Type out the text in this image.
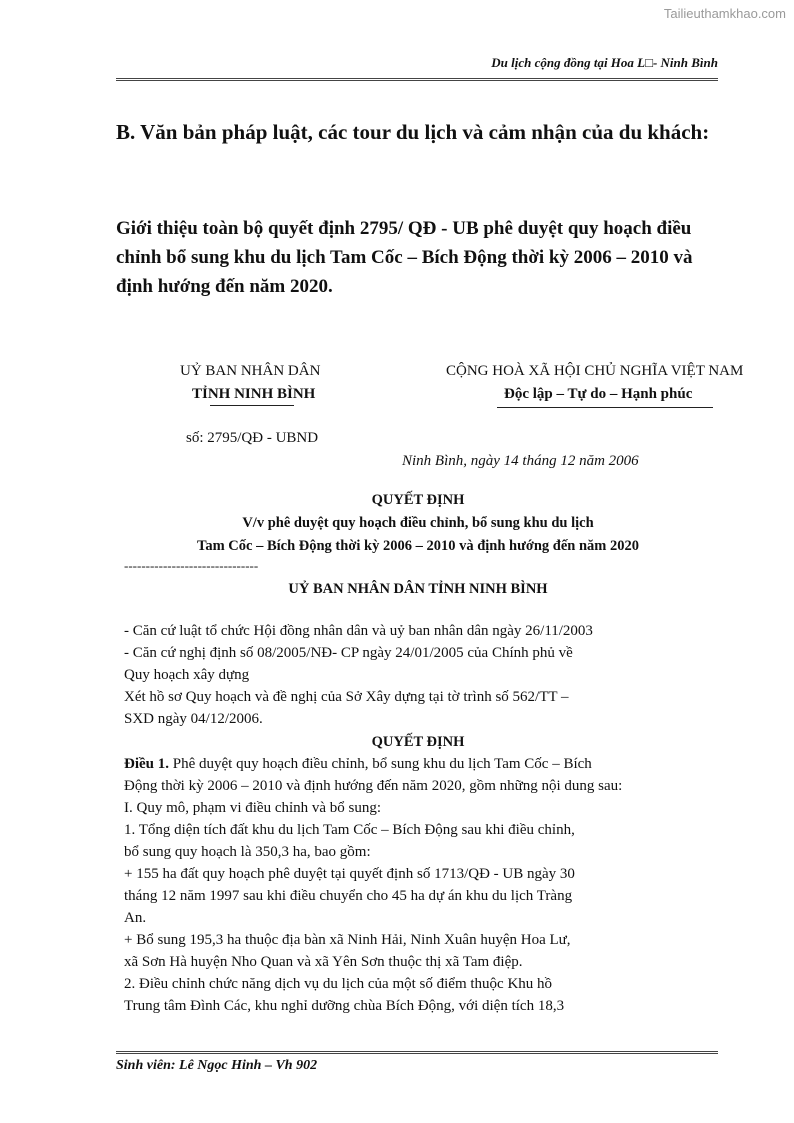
Tailieuthamkhao.com
Du lịch cộng đồng tại Hoa L□- Ninh Bình
B. Văn bản pháp luật, các tour du lịch và cảm nhận của du khách:
Giới thiệu toàn bộ quyết định 2795/ QĐ - UB phê duyệt quy hoạch điều chỉnh bổ sung khu du lịch Tam Cốc – Bích Động thời kỳ 2006 – 2010 và định hướng đến năm 2020.
UỶ BAN NHÂN DÂN
TỈNH NINH BÌNH
số: 2795/QĐ - UBND
CỘNG HOÀ XÃ HỘI CHỦ NGHĨA VIỆT NAM
Độc lập – Tự do – Hạnh phúc
Ninh Bình, ngày 14 tháng 12 năm 2006
QUYẾT ĐỊNH
V/v phê duyệt quy hoạch điều chỉnh, bổ sung khu du lịch
Tam Cốc – Bích Động thời kỳ 2006 – 2010 và định hướng đến năm 2020
-------------------------------
UỶ BAN NHÂN DÂN TỈNH NINH BÌNH
- Căn cứ luật tổ chức Hội đồng nhân dân và uỷ ban nhân dân ngày 26/11/2003
- Căn cứ nghị định số 08/2005/NĐ- CP ngày 24/01/2005 của Chính phủ về
Quy hoạch xây dựng
Xét hồ sơ Quy hoạch và đề nghị của Sở Xây dựng tại tờ trình số 562/TT –
SXD ngày 04/12/2006.
QUYẾT ĐỊNH
Điều 1. Phê duyệt quy hoạch điều chỉnh, bổ sung khu du lịch Tam Cốc – Bích
Động thời kỳ 2006 – 2010 và định hướng đến năm 2020, gồm những nội dung sau:
I. Quy mô, phạm vi điều chỉnh và bổ sung:
1. Tổng diện tích đất khu du lịch Tam Cốc – Bích Động sau khi điều chỉnh,
bổ sung quy hoạch là 350,3 ha, bao gồm:
+ 155 ha đất quy hoạch phê duyệt tại quyết định số 1713/QĐ - UB ngày 30
tháng 12 năm 1997 sau khi điều chuyển cho 45 ha dự án khu du lịch Tràng
An.
+ Bổ sung 195,3 ha thuộc địa bàn xã Ninh Hải, Ninh Xuân huyện Hoa Lư,
xã Sơn Hà huyện Nho Quan và xã Yên Sơn thuộc thị xã Tam điệp.
2. Điều chỉnh chức năng dịch vụ du lịch của một số điểm thuộc Khu hồ
Trung tâm Đình Các, khu nghỉ dưỡng chùa Bích Động, với diện tích 18,3
Sinh viên: Lê Ngọc Hinh – Vh 902
